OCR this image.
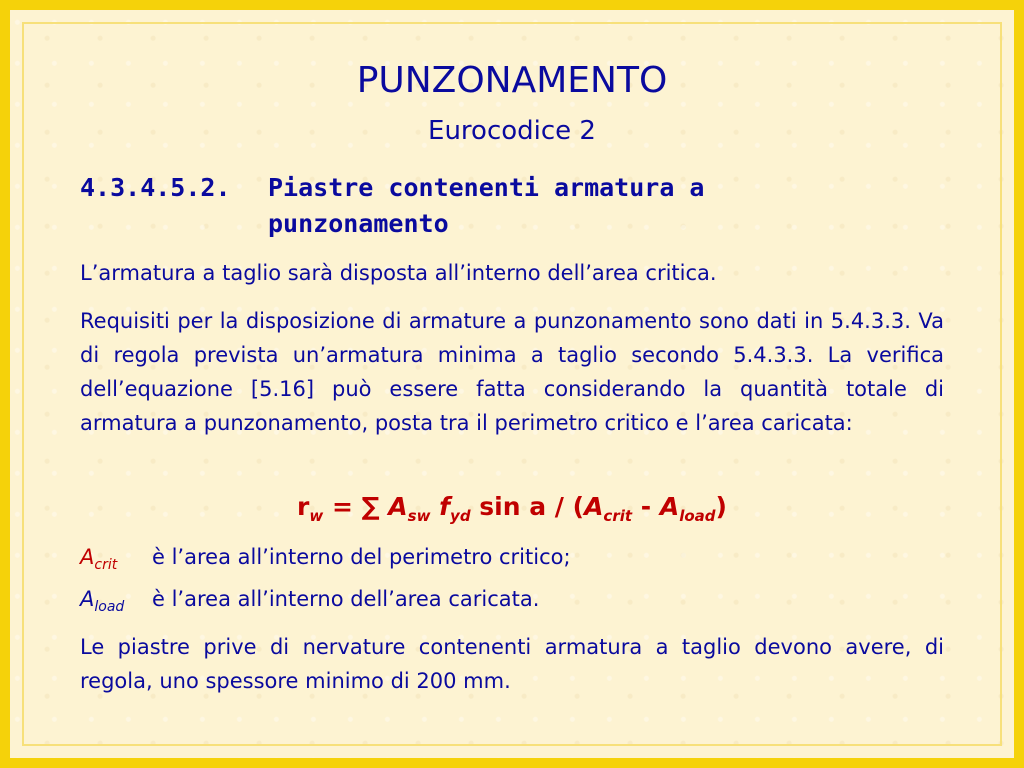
PUNZONAMENTO
Eurocodice 2
4.3.4.5.2. Piastre contenenti armatura a punzonamento
L’armatura a taglio sarà disposta all’interno dell’area critica.
Requisiti per la disposizione di armature a punzonamento sono dati in 5.4.3.3. Va di regola prevista un’armatura minima a taglio secondo 5.4.3.3. La verifica dell’equazione [5.16] può essere fatta considerando la quantità totale di armatura a punzonamento, posta tra il perimetro critico e l’area caricata:
$r_w$ = ∑ $A_{sw}$ $f_{yd}$ sin a / $(A_{crit} - A_{load})$
$A_{crit}$ è l’area all’interno del perimetro critico;
$A_{load}$ è l’area all’interno dell’area caricata.
Le piastre prive di nervature contenenti armatura a taglio devono avere, di regola, uno spessore minimo di 200 mm.
